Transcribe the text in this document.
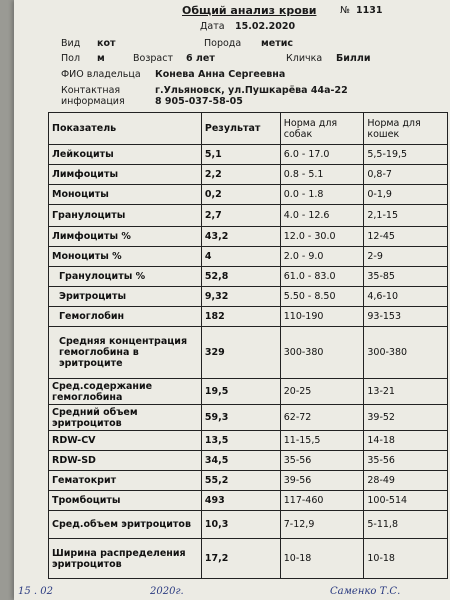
Общий анализ крови № 1131
Дата 15.02.2020
Вид кот	Порода метис
Пол м	Возраст 6 лет	Кличка Билли
ФИО владельца Конева Анна Сергеевна
Контактная информация
г.Ульяновск, ул.Пушкарёва 44а-22
8 905-037-58-05
Показатель	Результат	Норма для собак	Норма для кошек
Лейкоциты	5,1	6.0 - 17.0	5,5-19,5
Лимфоциты	2,2	0.8 - 5.1	0,8-7
Моноциты	0,2	0.0 - 1.8	0-1,9
Гранулоциты	2,7	4.0 - 12.6	2,1-15
Лимфоциты %	43,2	12.0 - 30.0	12-45
Моноциты %	4	2.0 - 9.0	2-9
Гранулоциты %	52,8	61.0 - 83.0	35-85
Эритроциты	9,32	5.50 - 8.50	4,6-10
Гемоглобин	182	110-190	93-153
Средняя концентрация гемоглобина в эритроците	329	300-380	300-380
Сред.содержание гемоглобина	19,5	20-25	13-21
Средний объем эритроцитов	59,3	62-72	39-52
RDW-CV	13,5	11-15,5	14-18
RDW-SD	34,5	35-56	35-56
Гематокрит	55,2	39-56	28-49
Тромбоциты	493	117-460	100-514
Сред.объем эритроцитов	10,3	7-12,9	5-11,8
Ширина распределения эритроцитов	17,2	10-18	10-18
15 . 02	2020г.	Саменко Т.С.
